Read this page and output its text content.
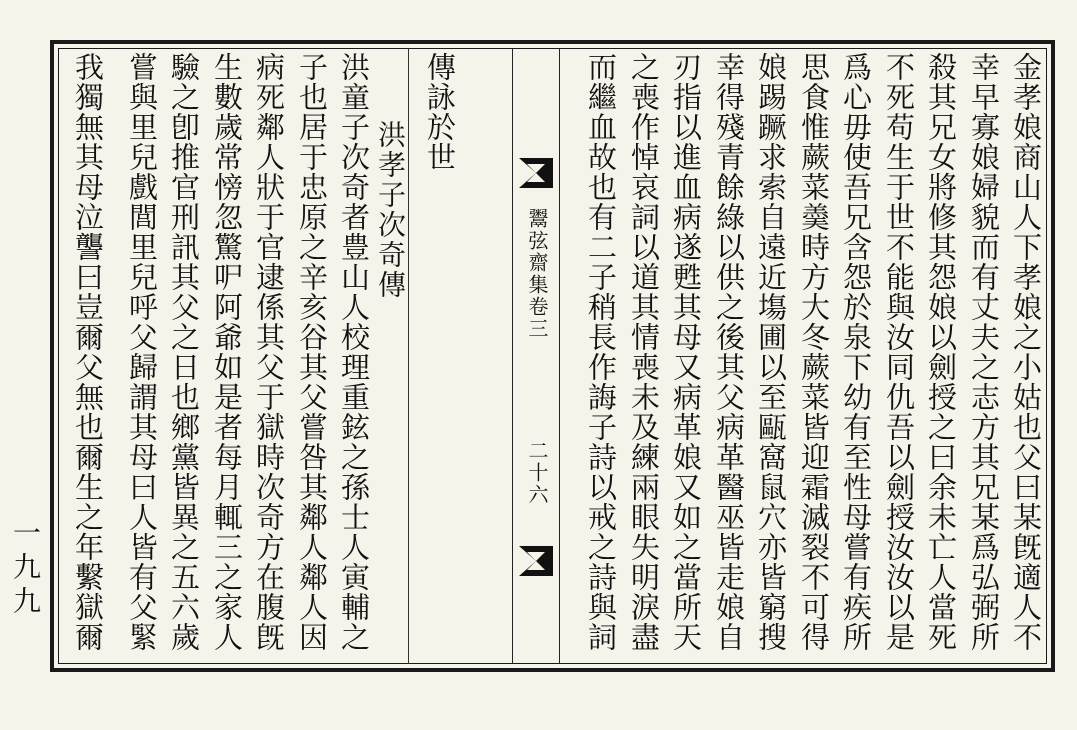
金孝娘商山人下孝娘之小姑也父曰某旣適人不
幸早寡娘婦貌而有丈夫之志方其兄某爲弘弼所
殺其兄女將修其怨娘以劍授之曰余未亡人當死
不死苟生于世不能與汝同仇吾以劍授汝汝以是
爲心毋使吾兄含怨於泉下幼有至性母嘗有疾所
思食惟蕨菜羮時方大冬蕨菜皆迎霜滅裂不可得
娘踢蹶求索自遠近塲圃以至甌窩鼠穴亦皆窮搜
幸得殘青餘綠以供之後其父病革醫巫皆走娘自
刃指以進血病遂甦其母又病革娘又如之當所天
之喪作悼哀詞以道其情喪未及練兩眼失明淚盡
而繼血故也有二子稍長作誨子詩以戒之詩與詞
鬻弦齋集卷三
二十六
傳詠於世
洪孝子次奇傳
洪童子次奇者豊山人校理重鉉之孫士人寅輔之
子也居于忠原之辛亥谷其父嘗咎其鄰人鄰人因
病死鄰人狀于官逮係其父于獄時次奇方在腹旣
生數歲常㥬忽驚㕧阿爺如是者每月輒三之家人
驗之卽推官刑訊其父之日也鄉黨皆異之五六歲
嘗與里兒戲閭里兒呼父歸謂其母曰人皆有父緊
我獨無其母泣讋曰豈爾父無也爾生之年繫獄爾
一九九
